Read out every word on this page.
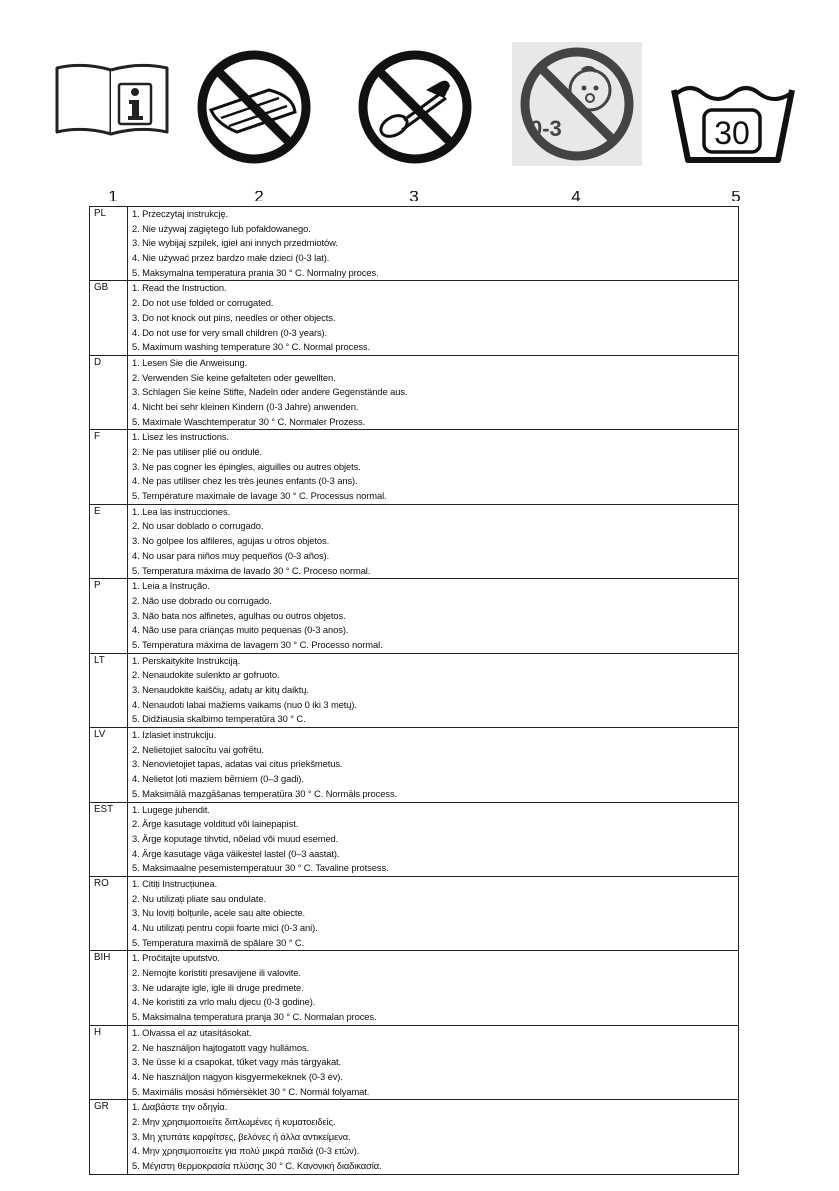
0-3	30
1	2	3	4	5
PL	1. Przeczytaj instrukcję.
2. Nie używaj zagiętego lub pofałdowanego.
3. Nie wybijaj szpilek, igieł ani innych przedmiotów.
4. Nie używać przez bardzo małe dzieci (0-3 lat).
5. Maksymalna temperatura prania 30 ° C. Normalny proces.

GB	1. Read the Instruction.
2. Do not use folded or corrugated.
3. Do not knock out pins, needles or other objects.
4. Do not use for very small children (0-3 years).
5. Maximum washing temperature 30 ° C. Normal process.

D	1. Lesen Sie die Anweisung.
2. Verwenden Sie keine gefalteten oder gewellten.
3. Schlagen Sie keine Stifte, Nadeln oder andere Gegenstände aus.
4. Nicht bei sehr kleinen Kindern (0-3 Jahre) anwenden.
5. Maximale Waschtemperatur 30 ° C. Normaler Prozess.

F	1. Lisez les instructions.
2. Ne pas utiliser plié ou ondulé.
3. Ne pas cogner les épingles, aiguilles ou autres objets.
4. Ne pas utiliser chez les très jeunes enfants (0-3 ans).
5. Température maximale de lavage 30 ° C. Processus normal.

E	1. Lea las instrucciones.
2. No usar doblado o corrugado.
3. No golpee los alfileres, agujas u otros objetos.
4. No usar para niños muy pequeños (0-3 años).
5. Temperatura máxima de lavado 30 ° C. Proceso normal.

P	1. Leia a Instrução.
2. Não use dobrado ou corrugado.
3. Não bata nos alfinetes, agulhas ou outros objetos.
4. Não use para crianças muito pequenas (0-3 anos).
5. Temperatura máxima de lavagem 30 ° C. Processo normal.

LT	1. Perskaitykite Instrukciją.
2. Nenaudokite sulenkto ar gofruoto.
3. Nenaudokite kaiščių, adatų ar kitų daiktų.
4. Nenaudoti labai mažiems vaikams (nuo 0 iki 3 metų).
5. Didžiausia skalbimo temperatūra 30 ° C.

LV	1. Izlasiet instrukciju.
2. Nelietojiet salocītu vai gofrētu.
3. Nenovietojiet tapas, adatas vai citus priekšmetus.
4. Nelietot ļoti maziem bērniem (0–3 gadi).
5. Maksimālā mazgāšanas temperatūra 30 ° C. Normāls process.

EST	1. Lugege juhendit.
2. Ärge kasutage volditud või lainepapist.
3. Ärge koputage tihvtid, nõelad või muud esemed.
4. Ärge kasutage väga väikestel lastel (0–3 aastat).
5. Maksimaalne pesemistemperatuur 30 ° C. Tavaline protsess.

RO	1. Citiți Instrucțiunea.
2. Nu utilizați pliate sau ondulate.
3. Nu loviți bolțurile, acele sau alte obiecte.
4. Nu utilizați pentru copii foarte mici (0-3 ani).
5. Temperatura maximă de spălare 30 ° C.

BIH	1. Pročitajte uputstvo.
2. Nemojte koristiti presavijene ili valovite.
3. Ne udarajte igle, igle ili druge predmete.
4. Ne koristiti za vrlo malu djecu (0-3 godine).
5. Maksimalna temperatura pranja 30 ° C. Normalan proces.

H	1. Olvassa el az utasításokat.
2. Ne használjon hajtogatott vagy hullámos.
3. Ne üsse ki a csapokat, tűket vagy más tárgyakat.
4. Ne használjon nagyon kisgyermekeknek (0-3 év).
5. Maximális mosási hőmérséklet 30 ° C. Normál folyamat.

GR	1. Διαβάστε την οδηγία.
2. Μην χρησιμοποιείτε διπλωμένες ή κυματοειδείς.
3. Μη χτυπάτε καρφίτσες, βελόνες ή άλλα αντικείμενα.
4. Μην χρησιμοποιείτε για πολύ μικρά παιδιά (0-3 ετών).
5. Μέγιστη θερμοκρασία πλύσης 30 ° C. Κανονική διαδικασία.
